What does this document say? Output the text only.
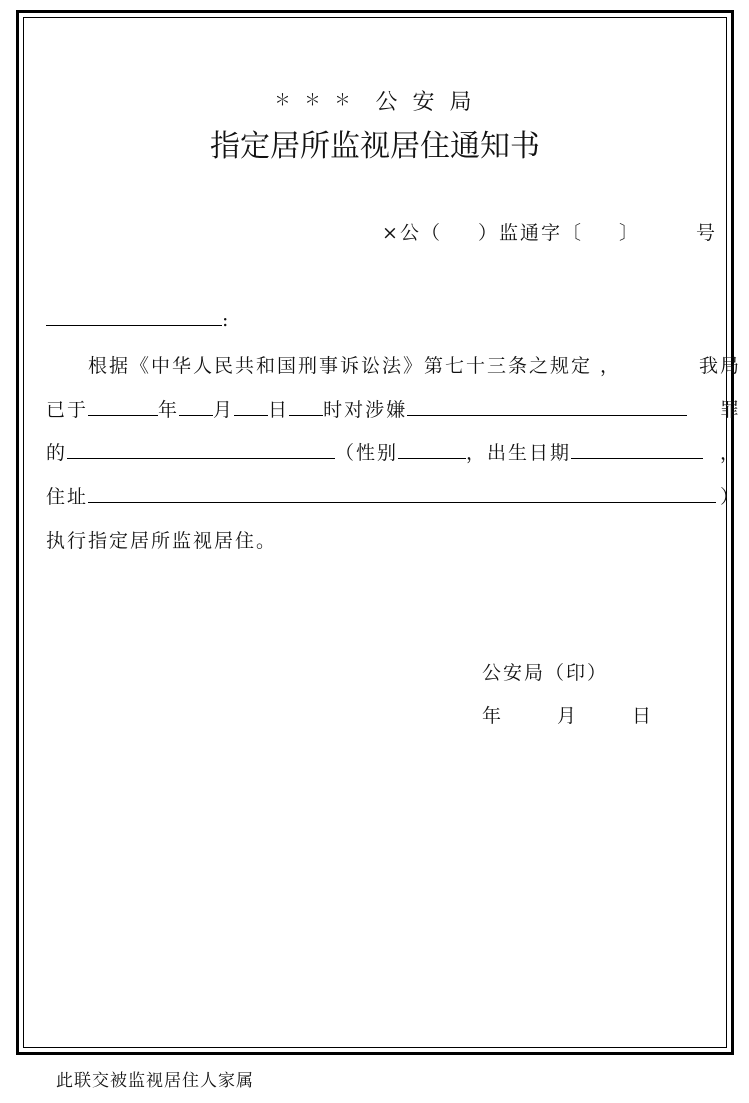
＊＊＊ 公 安 局
指定居所监视居住通知书
×公（ ）监通字〔 〕	号
:
根据《中华人民共和国刑事诉讼法》第七十三条之规定 ，	我局
已于	年 月 日 时对涉嫌	罪
的	（性别	，出生日期	，
住址	）
执行指定居所监视居住。
公安局（印）
年	月	日
此联交被监视居住人家属
